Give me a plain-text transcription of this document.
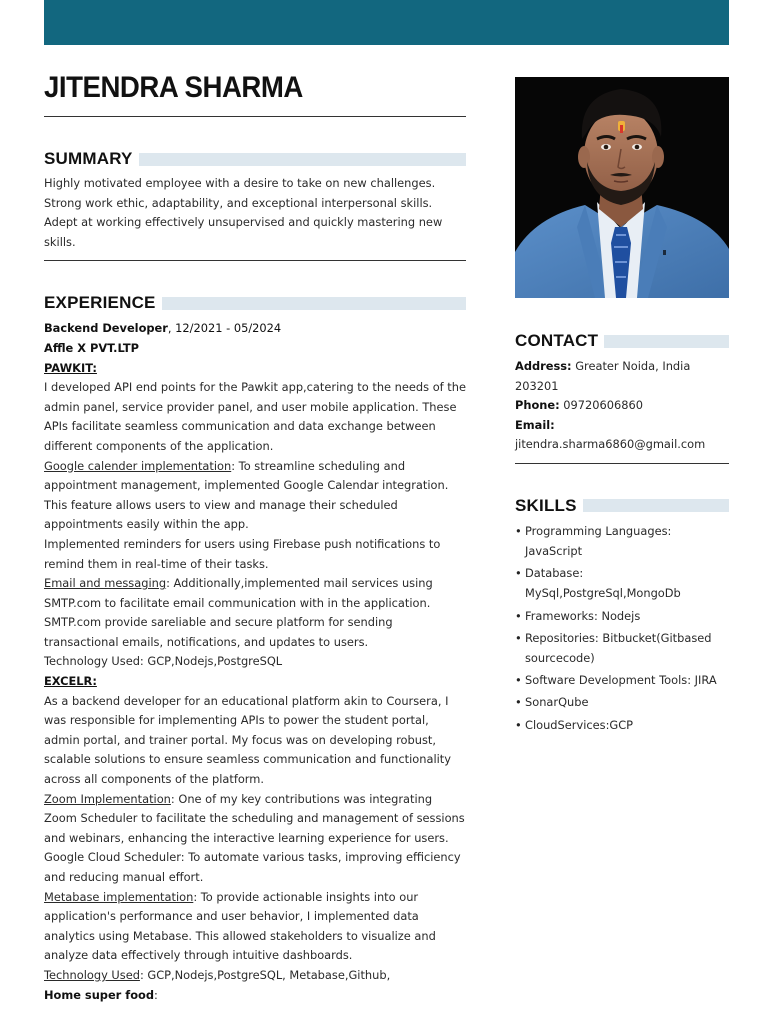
JITENDRA SHARMA
SUMMARY

Highly motivated employee with a desire to take on new challenges. Strong work ethic, adaptability, and exceptional interpersonal skills. Adept at working effectively unsupervised and quickly mastering new skills.

EXPERIENCE
Backend Developer, 12/2021 - 05/2024
Affle X PVT.LTP
PAWKIT:
I developed API end points for the Pawkit app,catering to the needs of the admin panel, service provider panel, and user mobile application. These APIs facilitate seamless communication and data exchange between different components of the application.
Google calender implementation: To streamline scheduling and appointment management, implemented Google Calendar integration. This feature allows users to view and manage their scheduled appointments easily within the app.
Implemented reminders for users using Firebase push notifications to remind them in real-time of their tasks.
Email and messaging: Additionally,implemented mail services using SMTP.com to facilitate email communication with in the application. SMTP.com provide sareliable and secure platform for sending transactional emails, notifications, and updates to users.
Technology Used: GCP,Nodejs,PostgreSQL
EXCELR:
As a backend developer for an educational platform akin to Coursera, I was responsible for implementing APIs to power the student portal, admin portal, and trainer portal. My focus was on developing robust, scalable solutions to ensure seamless communication and functionality across all components of the platform.
Zoom Implementation: One of my key contributions was integrating Zoom Scheduler to facilitate the scheduling and management of sessions and webinars, enhancing the interactive learning experience for users.
Google Cloud Scheduler: To automate various tasks, improving efficiency and reducing manual effort.
Metabase implementation: To provide actionable insights into our application's performance and user behavior, I implemented data analytics using Metabase. This allowed stakeholders to visualize and analyze data effectively through intuitive dashboards.
Technology Used: GCP,Nodejs,PostgreSQL, Metabase,Github,
Home super food:
CONTACT
Address: Greater Noida, India 203201
Phone: 09720606860
Email:
jitendra.sharma6860@gmail.com
SKILLS
• Programming Languages: JavaScript
• Database: MySql,PostgreSql,MongoDb
• Frameworks: Nodejs
• Repositories: Bitbucket(Gitbased sourcecode)
• Software Development Tools: JIRA
• SonarQube
• CloudServices:GCP
